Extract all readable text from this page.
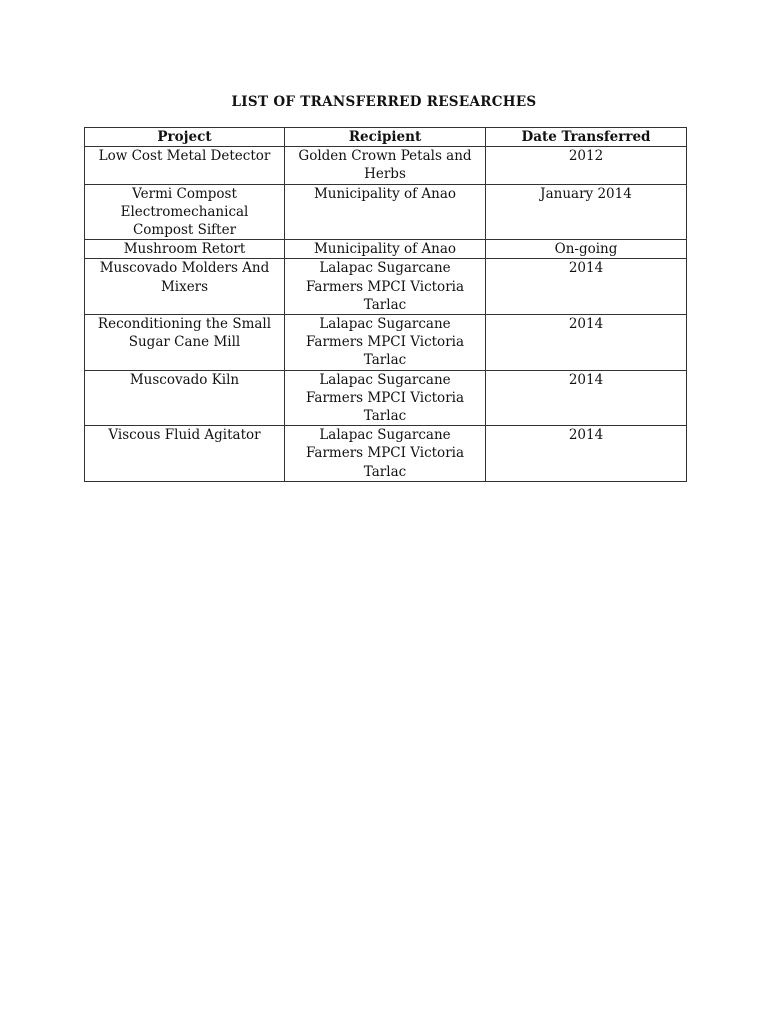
LIST OF TRANSFERRED RESEARCHES
Project	Recipient	Date Transferred
Low Cost Metal Detector	Golden Crown Petals and Herbs	2012
Vermi Compost Electromechanical Compost Sifter	Municipality of Anao	January 2014
Mushroom Retort	Municipality of Anao	On-going
Muscovado Molders And Mixers	Lalapac Sugarcane Farmers MPCI Victoria Tarlac	2014
Reconditioning the Small Sugar Cane Mill	Lalapac Sugarcane Farmers MPCI Victoria Tarlac	2014
Muscovado Kiln	Lalapac Sugarcane Farmers MPCI Victoria Tarlac	2014
Viscous Fluid Agitator	Lalapac Sugarcane Farmers MPCI Victoria Tarlac	2014
